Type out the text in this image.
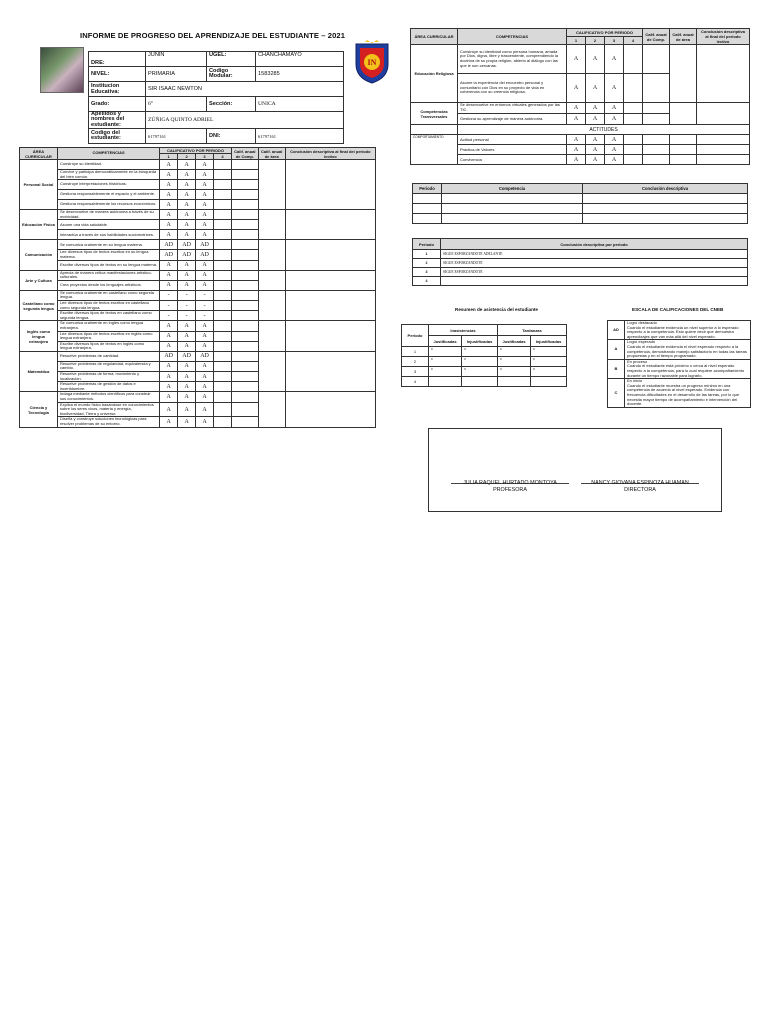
INFORME DE PROGRESO DEL APRENDIZAJE DEL ESTUDIANTE – 2021
IN
DRE:	JUNIN	UGEL:	CHANCHAMAYO
NIVEL:	PRIMARIA	Codigo Modular:	1583285
Institucion Educativa:	SIR ISAAC NEWTON		
Grado:	6°	Sección:	UNICA
Apellidos y nombres del estudiante:	ZÚÑIGA QUINTO ADRIEL		
Codigo del estudiante:	61797161	DNI:	61797161
ÁREA CURRICULAR	COMPETENCIAS	CALIFICATIVO POR PERIODO				Calif. anual de Comp.	Calif. anual de área	Conclusión descriptiva al final del periodo lectivo
		1	2	3	4			
Personal Social	Construye su identidad.	A	A	A				
	Convive y participa democráticamente en la búsqueda del bien común.	A	A	A				
	Construye interpretaciones históricas.	A	A	A				
	Gestiona responsablemente el espacio y el ambiente.	A	A	A				
	Gestiona responsablemente los recursos económicos.	A	A	A				
Educación Física	Se desenvuelve de manera autónoma a través de su motricidad.	A	A	A				
	Asume una vida saludable.	A	A	A				
	Interactúa a través de sus habilidades sociomotrices.	A	A	A				
Comunicación	Se comunica oralmente en su lengua materna.	AD	AD	AD				
	Lee diversos tipos de textos escritos en su lengua materna.	AD	AD	AD				
	Escribe diversos tipos de textos en su lengua materna.	A	A	A				
Arte y Cultura	Aprecia de manera crítica manifestaciones artístico-culturales.	A	A	A				
	Crea proyectos desde los lenguajes artísticos.	A	A	A				
Castellano como segunda lengua	Se comunica oralmente en castellano como segunda lengua.	-	-	-				
	Lee diversos tipos de textos escritos en castellano como segunda lengua.	-	-	-				
	Escribe diversos tipos de textos en castellano como segunda lengua.	-	-	-				
Inglés como lengua extranjera	Se comunica oralmente en inglés como lengua extranjera.	A	A	A				
	Lee diversos tipos de textos escritos en inglés como lengua extranjera.	A	A	A				
	Escribe diversos tipos de textos en inglés como lengua extranjera.	A	A	A				
Matemática	Resuelve problemas de cantidad.	AD	AD	AD				
	Resuelve problemas de regularidad, equivalencia y cambio.	A	A	A				
	Resuelve problemas de forma, movimiento y localización.	A	A	A				
	Resuelve problemas de gestión de datos e incertidumbre.	A	A	A				
Ciencia y Tecnología	Indaga mediante métodos científicos para construir sus conocimientos.	A	A	A				
	Explica el mundo físico basándose en conocimientos sobre los seres vivos, materia y energía, biodiversidad, Tierra y universo.	A	A	A				
	Diseña y construye soluciones tecnológicas para resolver problemas de su entorno.	A	A	A				
ÁREA CURRICULAR	COMPETENCIAS	CALIFICATIVO POR PERIODO				Calif. anual de Comp.	Calif. anual de área	Conclusión descriptiva al final del periodo lectivo
		1	2	3	4			
Educación Religiosa	Construye su identidad como persona humana, amada por Dios, digna, libre y trascendente, comprendiendo la doctrina de su propia religión, abierto al diálogo con las que le son cercanas.	A	A	A				
	Asume la experiencia del encuentro personal y comunitario con Dios en su proyecto de vida en coherencia con su creencia religiosa.	A	A	A				
Competencias Transversales	Se desenvuelve en entornos virtuales generados por las TIC.	A	A	A				
	Gestiona su aprendizaje de manera autónoma.	A	A	A				
	ACTITUDES							
COMPORTAMIENTO	Actitud personal	A	A	A				
	Practica de Valores	A	A	A				
	Convivencia	A	A	A				
Periodo	Competencia	Conclusión descriptiva

Periodo	Conclusión descriptiva por periodo
1	SIGUE ESFORZANDOTE ADELANTE
2	SIGUE ESFORZANDOTE
3	SIGUE ESFORZANDOTE
4	
Resumen de asistencia del estudiante	ESCALA DE CALIFICACIONES DEL CNEB
Periodo	Inasistencias		Tardanzas	
	Justificadas	Injustificadas	Justificadas	Injustificadas
1	0	0	0	0
2	0	0	0	0
3	0	0	0	0
4				
AD	Logro destacado
Cuando el estudiante evidencia un nivel superior a lo esperado respecto a la competencia. Esto quiere decir que demuestra aprendizajes que van más allá del nivel esperado.

A	Logro esperado
Cuando el estudiante evidencia el nivel esperado respecto a la competencia, demostrando manejo satisfactorio en todas las tareas propuestas y en el tiempo programado.

B	En proceso
Cuando el estudiante está próximo o cerca al nivel esperado respecto a la competencia, para lo cual requiere acompañamiento durante un tiempo razonable para lograrlo.

C	En inicio
Cuando el estudiante muestra un progreso mínimo en una competencia de acuerdo al nivel esperado. Evidencia con frecuencia dificultades en el desarrollo de las tareas, por lo que necesita mayor tiempo de acompañamiento e intervención del docente.
JULIA RAQUEL HURTADO MONTOYA
PROFESORA
NANCY GIOVANA ESPINOZA HUAMAN
DIRECTORA
